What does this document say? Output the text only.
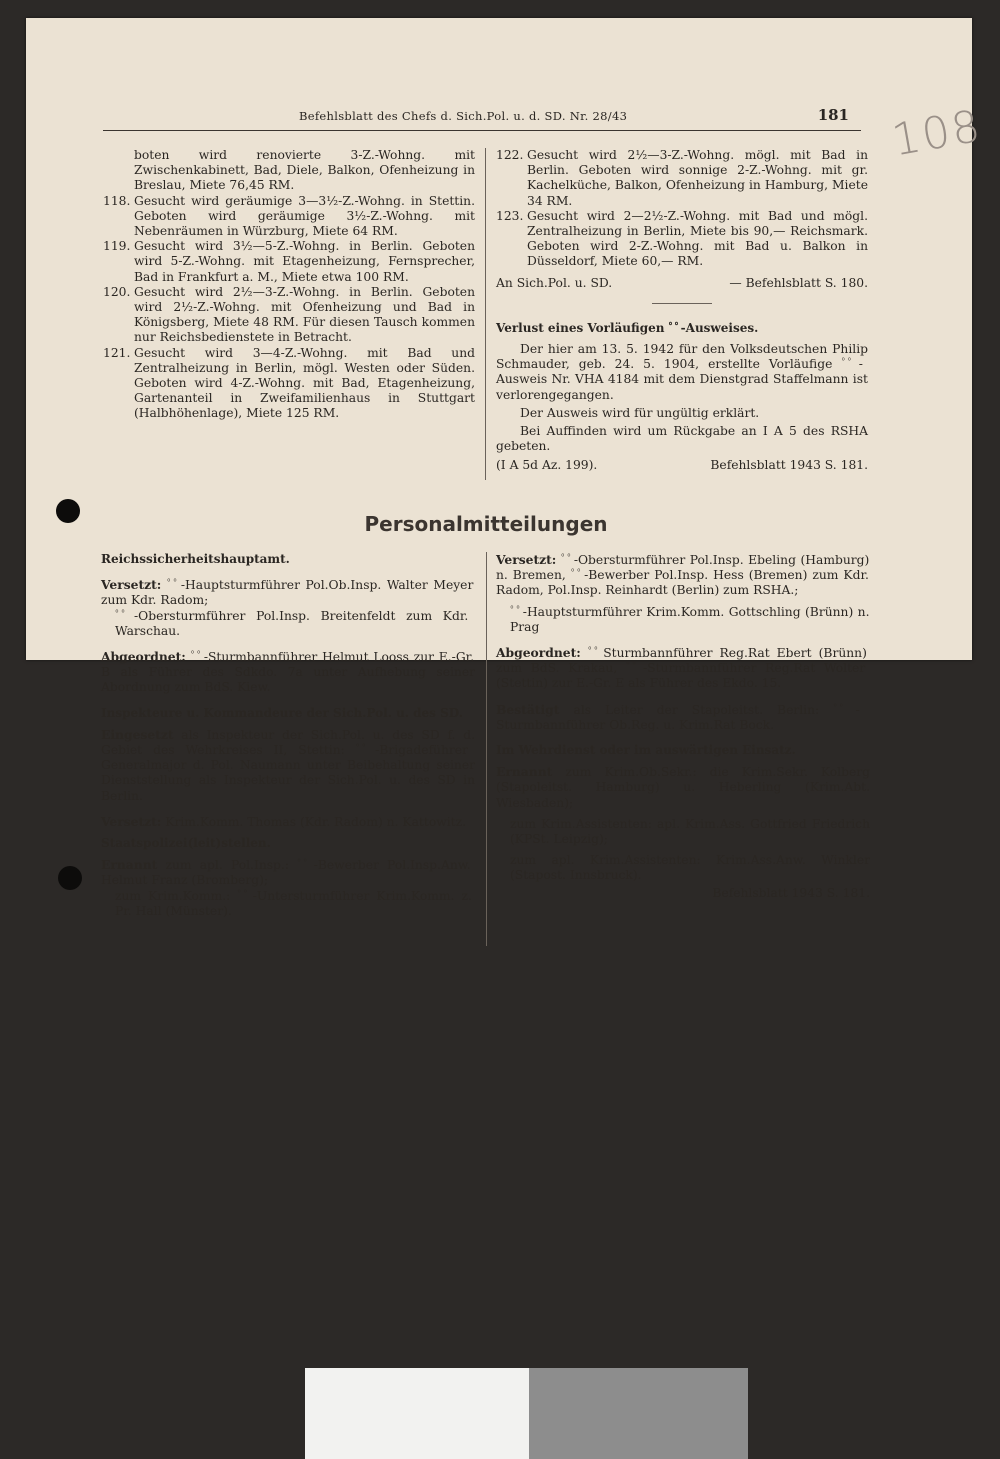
108
Befehlsblatt des Chefs d. Sich.Pol. u. d. SD. Nr. 28/43	181
boten wird renovierte 3-Z.-Wohng. mit Zwischenkabinett, Bad, Diele, Balkon, Ofenheizung in Breslau, Miete 76,45 RM.
118. Gesucht wird geräumige 3—3½-Z.-Wohng. in Stettin. Geboten wird geräumige 3½-Z.-Wohng. mit Nebenräumen in Würzburg, Miete 64 RM.
119. Gesucht wird 3½—5-Z.-Wohng. in Berlin. Geboten wird 5-Z.-Wohng. mit Etagenheizung, Fernsprecher, Bad in Frankfurt a. M., Miete etwa 100 RM.
120. Gesucht wird 2½—3-Z.-Wohng. in Berlin. Geboten wird 2½-Z.-Wohng. mit Ofenheizung und Bad in Königsberg, Miete 48 RM. Für diesen Tausch kommen nur Reichsbedienstete in Betracht.
121. Gesucht wird 3—4-Z.-Wohng. mit Bad und Zentralheizung in Berlin, mögl. Westen oder Süden. Geboten wird 4-Z.-Wohng. mit Bad, Etagenheizung, Gartenanteil in Zweifamilienhaus in Stuttgart (Halbhöhenlage), Miete 125 RM.
122. Gesucht wird 2½—3-Z.-Wohng. mögl. mit Bad in Berlin. Geboten wird sonnige 2-Z.-Wohng. mit gr. Kachelküche, Balkon, Ofenheizung in Hamburg, Miete 34 RM.
123. Gesucht wird 2—2½-Z.-Wohng. mit Bad und mögl. Zentralheizung in Berlin, Miete bis 90,— Reichsmark. Geboten wird 2-Z.-Wohng. mit Bad u. Balkon in Düsseldorf, Miete 60,— RM.
An Sich.Pol. u. SD.	— Befehlsblatt S. 180.

Verlust eines Vorläufigen ﾟﾟ-Ausweises.

Der hier am 13. 5. 1942 für den Volksdeutschen Philip Schmauder, geb. 24. 5. 1904, erstellte Vorläufige ﾟﾟ-Ausweis Nr. VHA 4184 mit dem Dienstgrad Staffelmann ist verlorengegangen.

Der Ausweis wird für ungültig erklärt.

Bei Auffinden wird um Rückgabe an I A 5 des RSHA gebeten.

(I A 5d Az. 199).	Befehlsblatt 1943 S. 181.
Personalmitteilungen

Reichssicherheitshauptamt.

Versetzt: ﾟﾟ-Hauptsturmführer Pol.Ob.Insp. Walter Meyer zum Kdr. Radom;

ﾟﾟ-Obersturmführer Pol.Insp. Breitenfeldt zum Kdr. Warschau.

Abgeordnet: ﾟﾟ-Sturmbannführer Helmut Looss zur E.-Gr. B als Führer des Sdkdo. 7a unter Aufhebung seiner Abordnung zum BdS. Kiew.

Inspekteure u. Kommandeure der Sich.Pol. u. des SD.

Eingesetzt als Inspekteur der Sich.Pol. u. des SD f. d. Gebiet des Wehrkreises II, Stettin: ﾟﾟ-Brigadeführer Generalmajor d. Pol. Naumann unter Beibehaltung seiner Dienststellung als Inspekteur der Sich.Pol. u. des SD in Berlin.

Versetzt: Krim.Komm. Thomas (Kdr. Radom) n. Kattowitz.

Staatspolizei(leit)stellen.

Ernannt zum apl. Pol.Insp.: ﾟﾟ-Bewerber Pol.Insp.Anw. Helmut Franz (Bromberg);

zum Krim.Komm.: ﾟﾟ-Untersturmführer Krim.Komm. z. Pr. Hall (Münster).

Versetzt: ﾟﾟ-Obersturmführer Pol.Insp. Ebeling (Hamburg) n. Bremen, ﾟﾟ-Bewerber Pol.Insp. Hess (Bremen) zum Kdr. Radom, Pol.Insp. Reinhardt (Berlin) zum RSHA.;

ﾟﾟ-Hauptsturmführer Krim.Komm. Gottschling (Brünn) n. Prag

Abgeordnet: ﾟﾟSturmbannführer Reg.Rat Ebert (Brünn) zum BdS. Krakau, ﾟﾟ-Sturmbannführer Reg.Rat Wolter (Stettin) zur E.-Gr. E als Führer des Ekdo. 15.

Bestätigt als Leiter der Stapoleitst. Berlin: ﾟﾟ-Sturmbannführer Ob.Reg. u. Krim.Rat Bock.

Im Wehrdienst oder im auswärtigen Einsatz.

Ernannt zum Krim.Ob.Sekr.: die Krim.Sekr. Kolberg (Stapoleitst. Hamburg) u. Heberling (Krim.Abt. Wiesbaden);

zum Krim.Assistenten: apl. Krim.Ass. Gottfried Friedrich (KPSt. Leipzig);

zum apl. Krim.Assistenten: Krim.Ass.Anw. Winkler (Stapost. Innsbruck).

Befehlsblatt 1943 S. 181.
